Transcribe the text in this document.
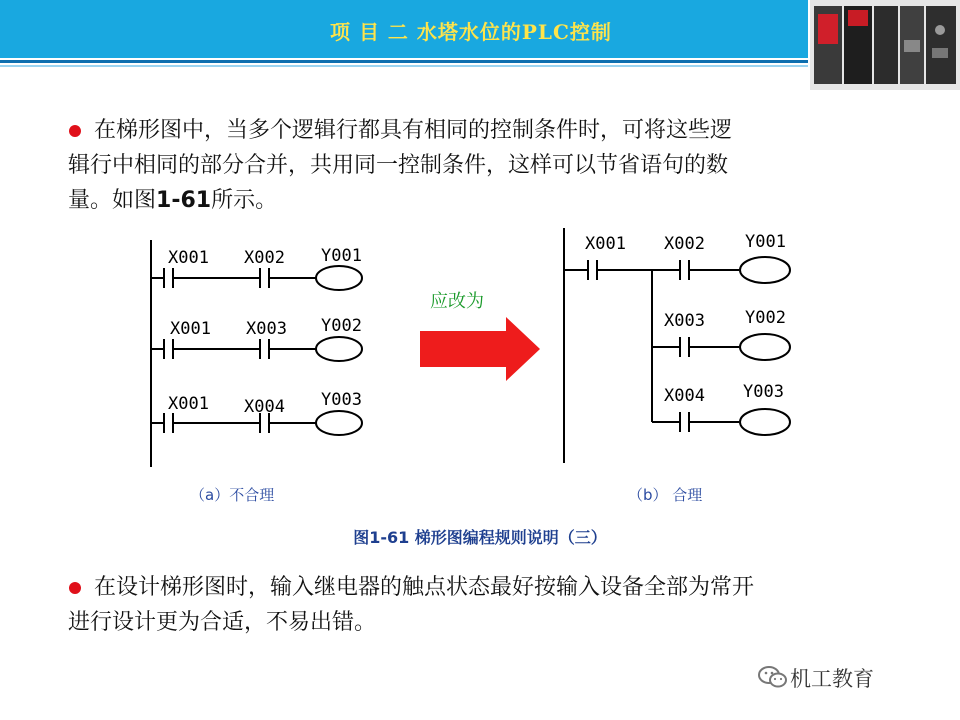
项 目 二 水塔水位的PLC控制
在梯形图中，当多个逻辑行都具有相同的控制条件时，可将这些逻
辑行中相同的部分合并，共用同一控制条件，这样可以节省语句的数
量。如图1-61所示。
X001 X002 Y001
X001 X003 Y002
X001 X004 Y003
应改为
X001 X002 Y001
X003 Y002
X004 Y003
（a）不合理	（b） 合理
图1-61 梯形图编程规则说明（三）
在设计梯形图时，输入继电器的触点状态最好按输入设备全部为常开
进行设计更为合适，不易出错。
机工教育
